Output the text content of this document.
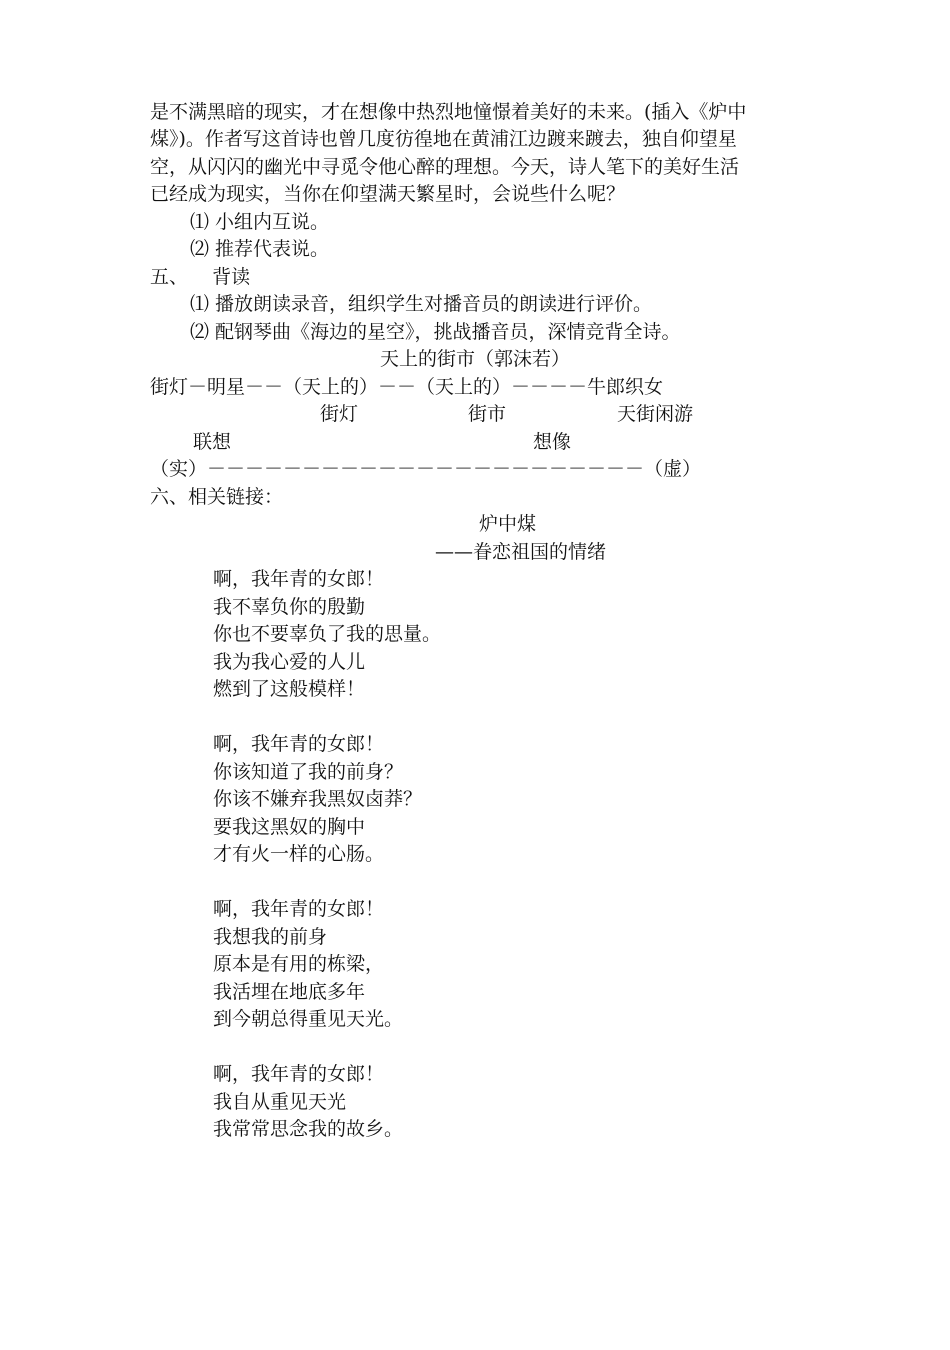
是不满黑暗的现实，才在想像中热烈地憧憬着美好的未来。(插入《炉中
煤》)。作者写这首诗也曾几度彷徨地在黄浦江边踱来踱去，独自仰望星
空，从闪闪的幽光中寻觅令他心醉的理想。今天，诗人笔下的美好生活
已经成为现实，当你在仰望满天繁星时，会说些什么呢？
⑴ 小组内互说。
⑵ 推荐代表说。
五、    背读
⑴ 播放朗读录音，组织学生对播音员的朗读进行评价。
⑵ 配钢琴曲《海边的星空》，挑战播音员，深情竞背全诗。
天上的街市（郭沫若）
街灯－明星－－（天上的）－－（天上的）－－－－牛郎织女
街灯	街市	天街闲游
联想	想像
（实）－－－－－－－－－－－－－－－－－－－－－－－（虚）
六、相关链接：
炉中煤
——眷恋祖国的情绪
啊，我年青的女郎！
我不辜负你的殷勤
你也不要辜负了我的思量。
我为我心爱的人儿
燃到了这般模样！
啊，我年青的女郎！
你该知道了我的前身？
你该不嫌弃我黑奴卤莽？
要我这黑奴的胸中
才有火一样的心肠。
啊，我年青的女郎！
我想我的前身
原本是有用的栋梁，
我活埋在地底多年
到今朝总得重见天光。
啊，我年青的女郎！
我自从重见天光
我常常思念我的故乡。
